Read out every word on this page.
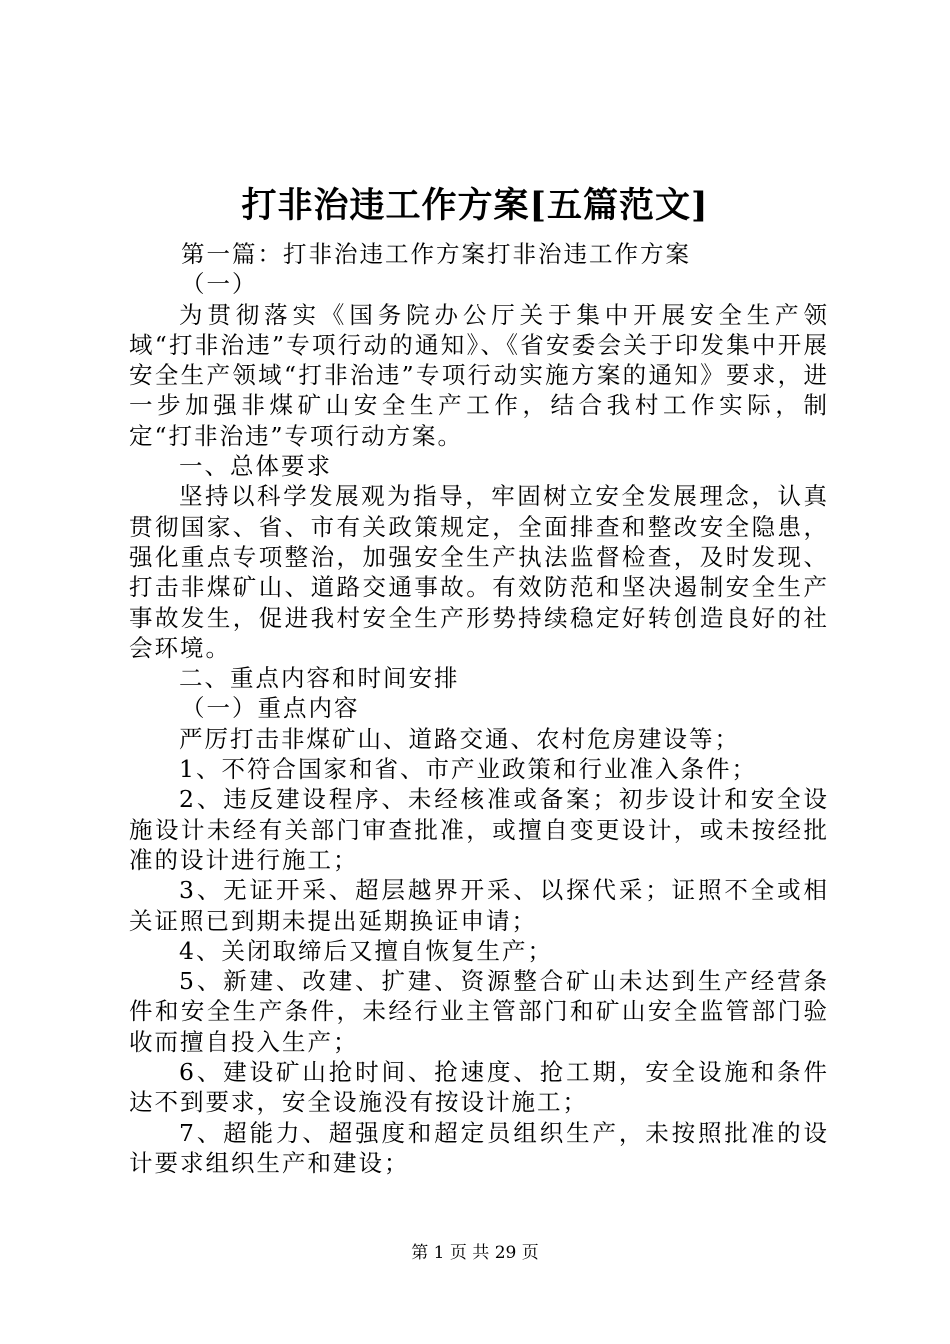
打非治违工作方案[五篇范文]

第一篇：打非治违工作方案打非治违工作方案

（一）

为贯彻落实《国务院办公厅关于集中开展安全生产领域“打非治违”专项行动的通知》、《省安委会关于印发集中开展安全生产领域“打非治违”专项行动实施方案的通知》要求，进一步加强非煤矿山安全生产工作，结合我村工作实际，制定“打非治违”专项行动方案。

一、总体要求

坚持以科学发展观为指导，牢固树立安全发展理念，认真贯彻国家、省、市有关政策规定，全面排查和整改安全隐患，强化重点专项整治，加强安全生产执法监督检查，及时发现、打击非煤矿山、道路交通事故。有效防范和坚决遏制安全生产事故发生，促进我村安全生产形势持续稳定好转创造良好的社会环境。

二、重点内容和时间安排

（一）重点内容

严厉打击非煤矿山、道路交通、农村危房建设等；

1、不符合国家和省、市产业政策和行业准入条件；

2、违反建设程序、未经核准或备案；初步设计和安全设施设计未经有关部门审查批准，或擅自变更设计，或未按经批准的设计进行施工；

3、无证开采、超层越界开采、以探代采；证照不全或相关证照已到期未提出延期换证申请；

4、关闭取缔后又擅自恢复生产；

5、新建、改建、扩建、资源整合矿山未达到生产经营条件和安全生产条件，未经行业主管部门和矿山安全监管部门验收而擅自投入生产；

6、建设矿山抢时间、抢速度、抢工期，安全设施和条件达不到要求，安全设施没有按设计施工；

7、超能力、超强度和超定员组织生产，未按照批准的设计要求组织生产和建设；

第 1 页 共 29 页
